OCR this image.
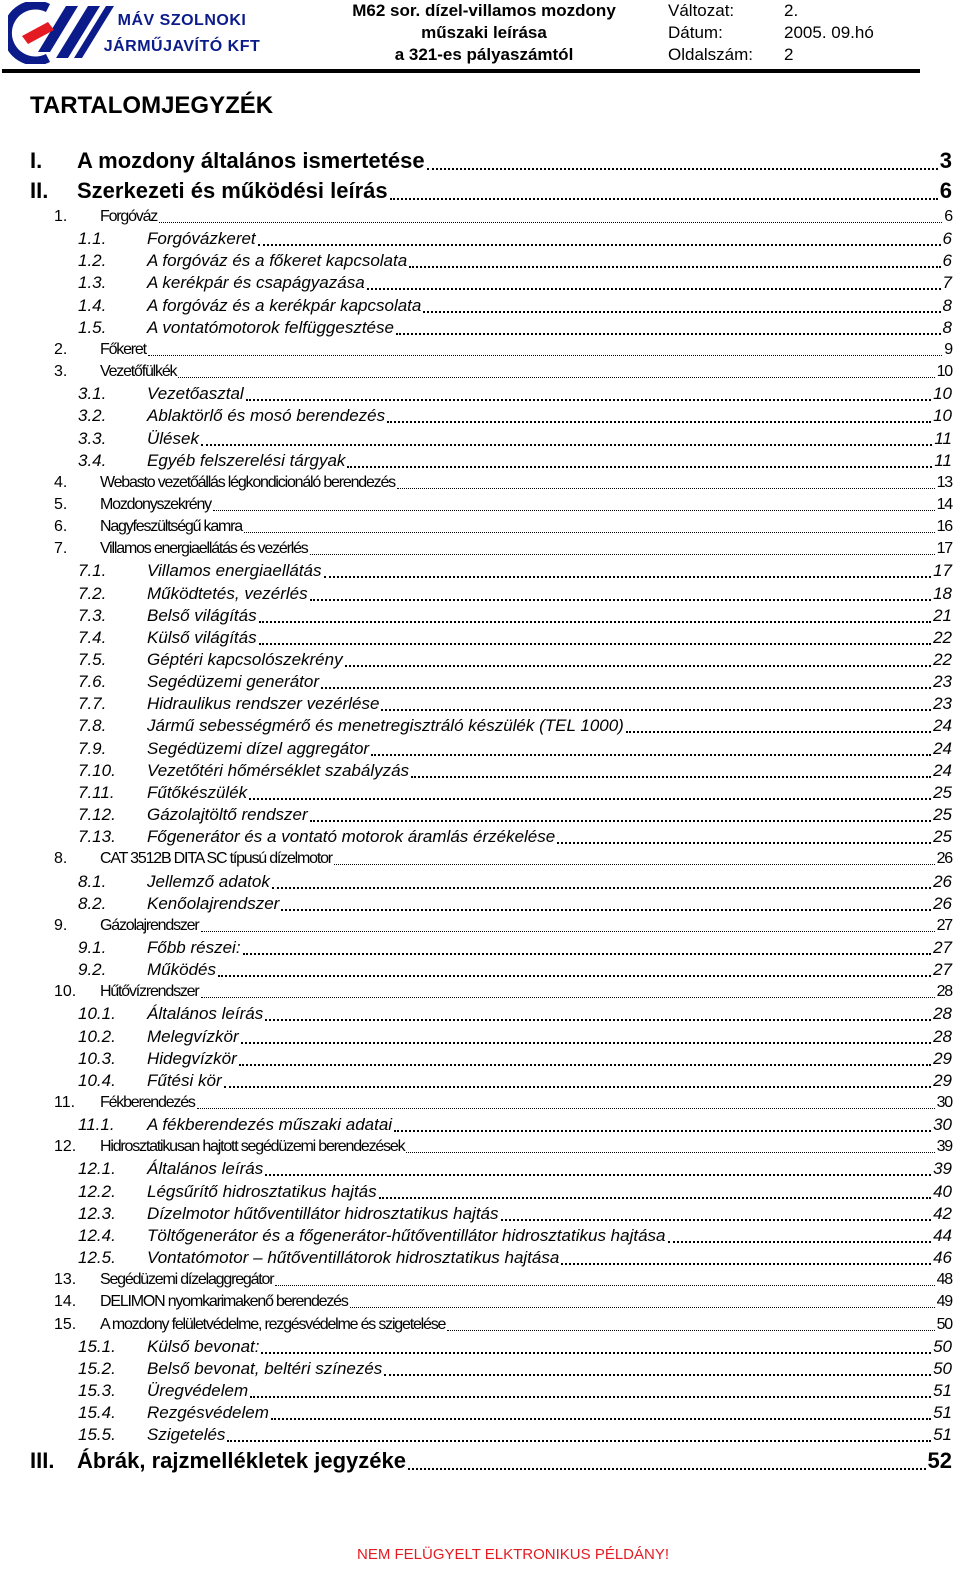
MÁV SZOLNOKI
JÁRMŰJAVÍTÓ KFT
M62 sor. dízel-villamos mozdony
műszaki leírása
a 321-es pályaszámtól
Változat:	2.
Dátum:	2005. 09.hó
Oldalszám:	2
TARTALOMJEGYZÉK
I. A mozdony általános ismertetése	3
II. Szerkezeti és működési leírás	6
1. Forgóváz	6
1.1. Forgóvázkeret	6
1.2. A forgóváz és a főkeret kapcsolata	6
1.3. A kerékpár és csapágyazása	7
1.4. A forgóváz és a kerékpár kapcsolata	8
1.5. A vontatómotorok felfüggesztése	8
2. Főkeret	9
3. Vezetőfülkék	10
3.1. Vezetőasztal	10
3.2. Ablaktörlő és mosó berendezés	10
3.3. Ülések	11
3.4. Egyéb felszerelési tárgyak	11
4. Webasto vezetőállás légkondicionáló berendezés	13
5. Mozdonyszekrény	14
6. Nagyfeszültségű kamra	16
7. Villamos energiaellátás és vezérlés	17
7.1. Villamos energiaellátás	17
7.2. Működtetés, vezérlés	18
7.3. Belső világítás	21
7.4. Külső világítás	22
7.5. Géptéri kapcsolószekrény	22
7.6. Segédüzemi generátor	23
7.7. Hidraulikus rendszer vezérlése	23
7.8. Jármű sebességmérő és menetregisztráló készülék (TEL 1000)	24
7.9. Segédüzemi dízel aggregátor	24
7.10. Vezetőtéri hőmérséklet szabályzás	24
7.11. Fűtőkészülék	25
7.12. Gázolajtöltő rendszer	25
7.13. Főgenerátor és a vontató motorok áramlás érzékelése	25
8. CAT 3512B DITA SC típusú dízelmotor	26
8.1. Jellemző adatok	26
8.2. Kenőolajrendszer	26
9. Gázolajrendszer	27
9.1. Főbb részei:	27
9.2. Működés	27
10. Hűtővízrendszer	28
10.1. Általános leírás	28
10.2. Melegvízkör	28
10.3. Hidegvízkör	29
10.4. Fűtési kör	29
11. Fékberendezés	30
11.1. A fékberendezés műszaki adatai	30
12. Hidrosztatikusan hajtott segédüzemi berendezések	39
12.1. Általános leírás	39
12.2. Légsűrítő hidrosztatikus hajtás	40
12.3. Dízelmotor hűtőventillátor hidrosztatikus hajtás	42
12.4. Töltőgenerátor és a főgenerátor-hűtőventillátor hidrosztatikus hajtása	44
12.5. Vontatómotor – hűtőventillátorok hidrosztatikus hajtása	46
13. Segédüzemi dízelaggregátor	48
14. DELIMON nyomkarimakenő berendezés	49
15. A mozdony felületvédelme, rezgésvédelme és szigetelése	50
15.1. Külső bevonat:	50
15.2. Belső bevonat, beltéri színezés	50
15.3. Üregvédelem	51
15.4. Rezgésvédelem	51
15.5. Szigetelés	51
III. Ábrák, rajzmellékletek jegyzéke	52
NEM FELÜGYELT ELKTRONIKUS PÉLDÁNY!
